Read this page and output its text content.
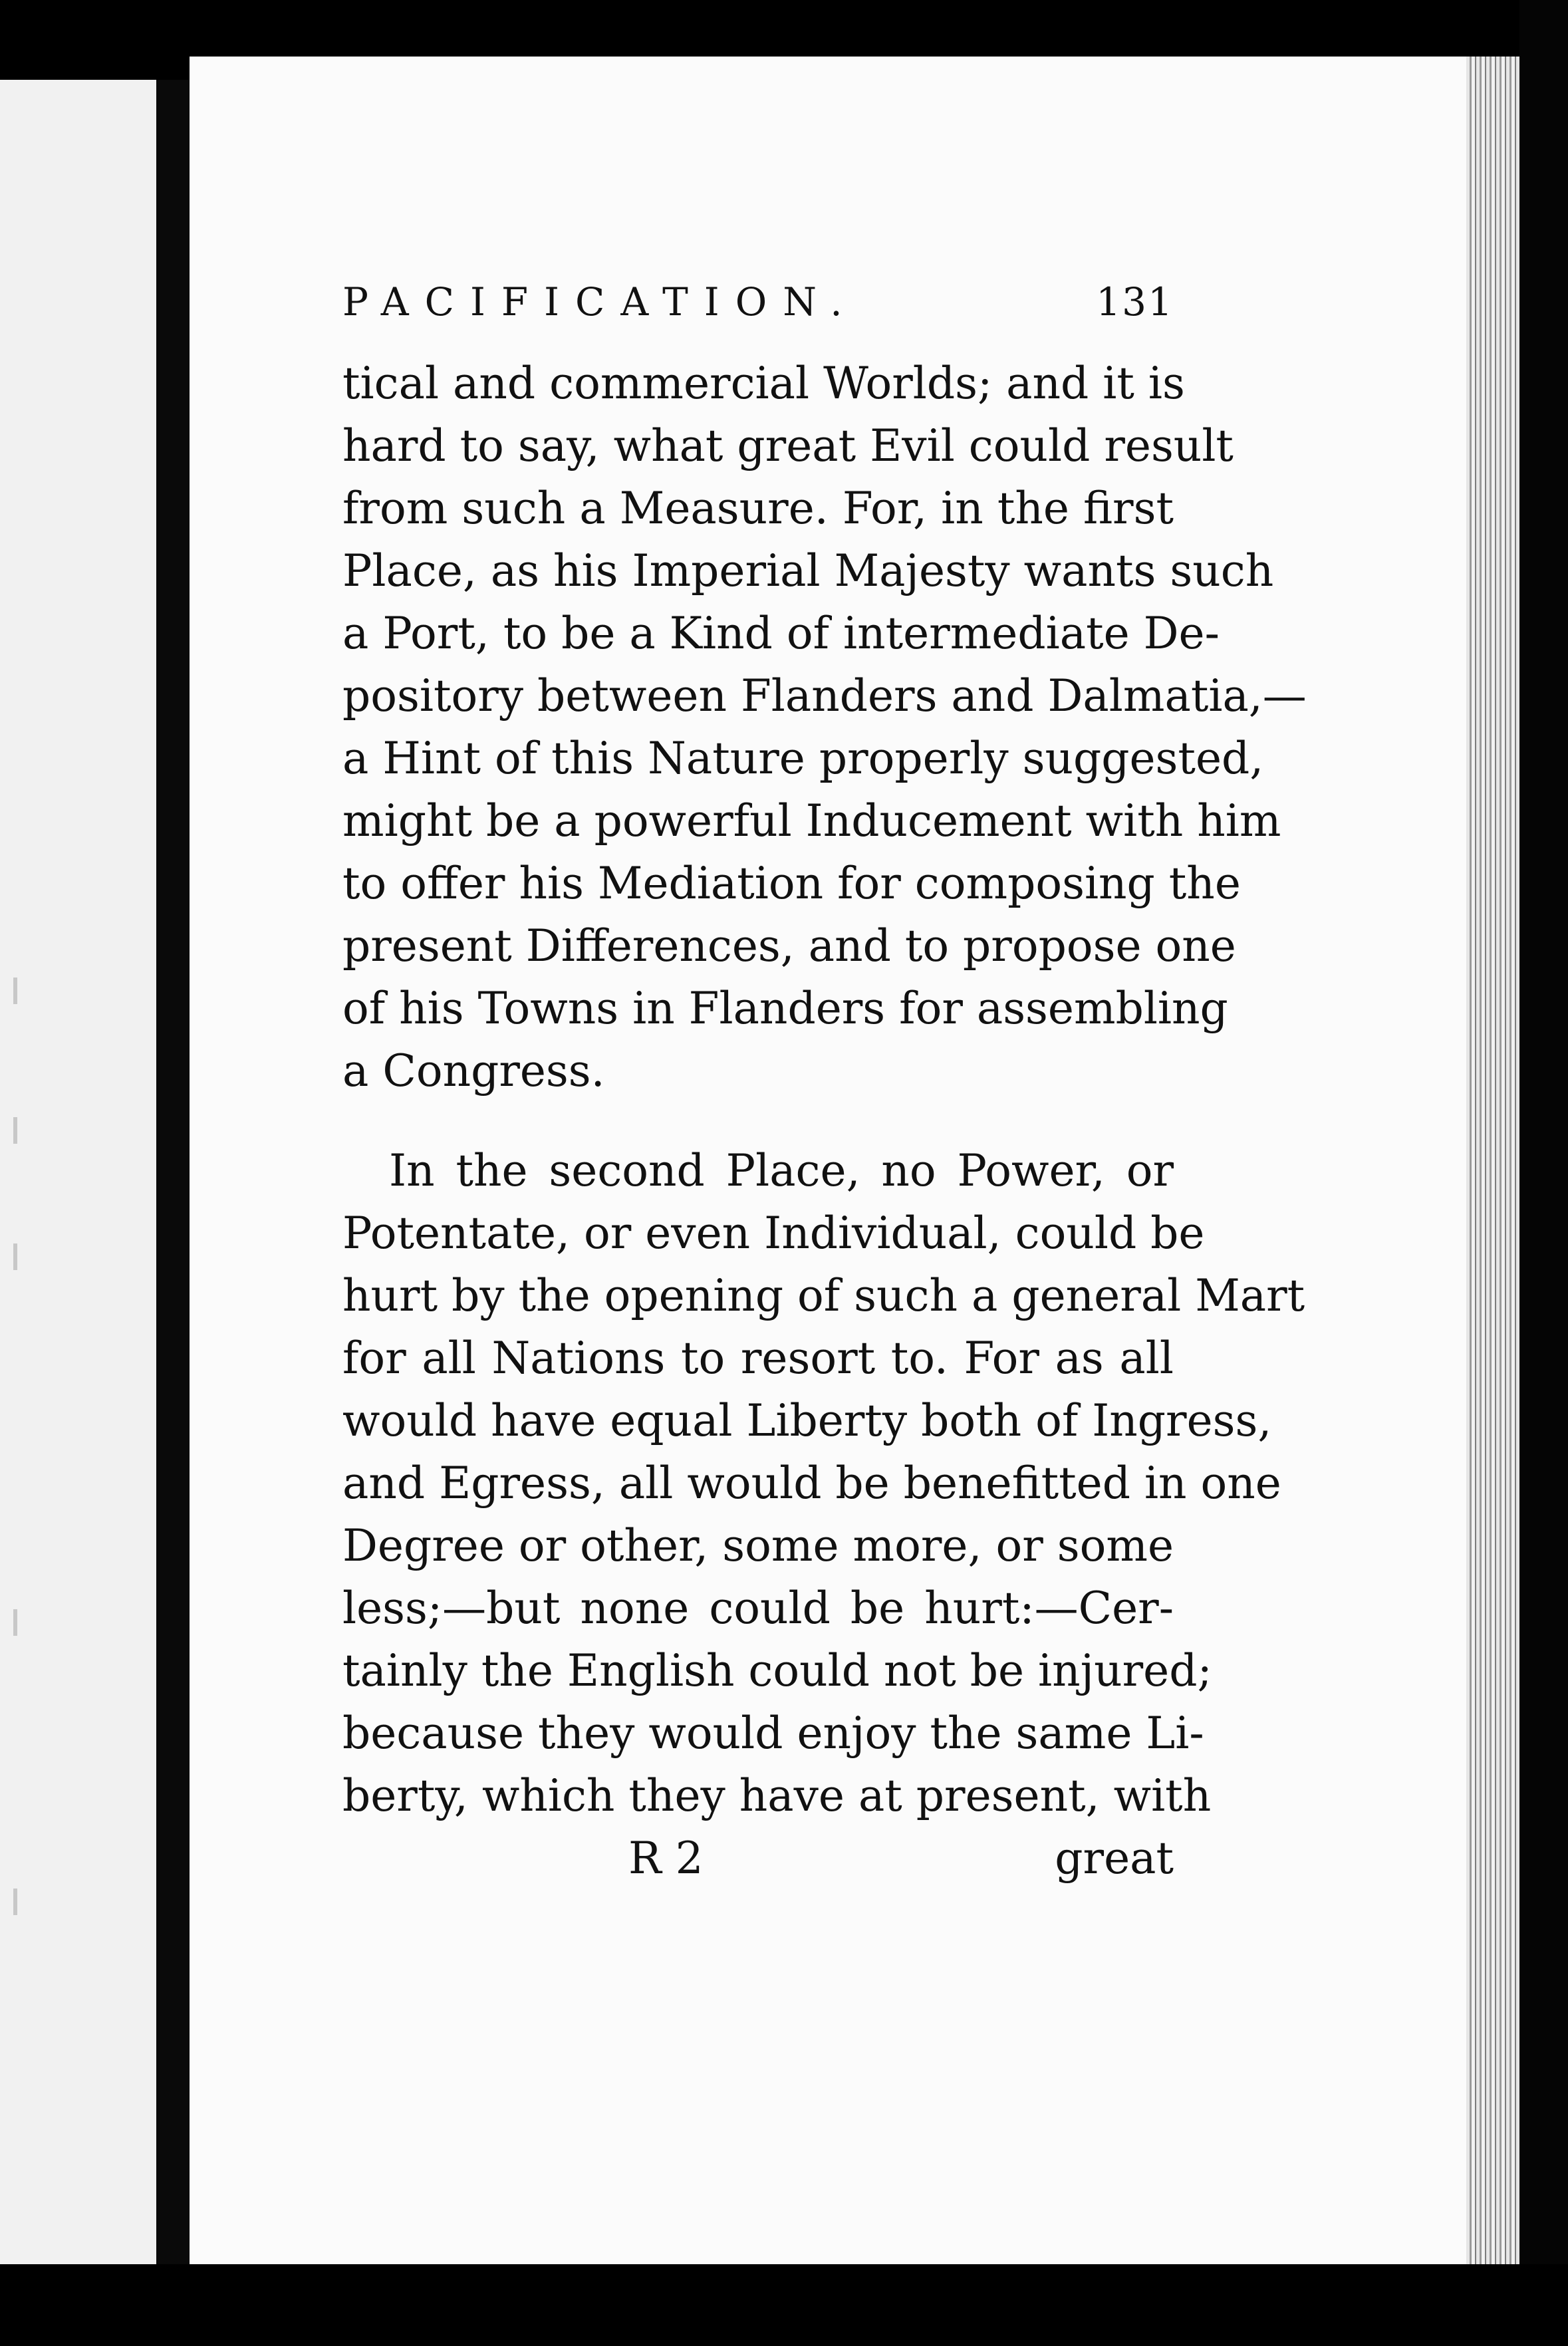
PACIFICATION.	131
tical and commercial Worlds; and it is
hard to say, what great Evil could result
from such a Measure. For, in the first
Place, as his Imperial Majesty wants such
a Port, to be a Kind of intermediate De-
pository between Flanders and Dalmatia,—
a Hint of this Nature properly suggested,
might be a powerful Inducement with him
to offer his Mediation for composing the
present Differences, and to propose one
of his Towns in Flanders for assembling
a Congress.
In the second Place, no Power, or
Potentate, or even Individual, could be
hurt by the opening of such a general Mart
for all Nations to resort to. For as all
would have equal Liberty both of Ingress,
and Egress, all would be benefitted in one
Degree or other, some more, or some
less;—but none could be hurt:—Cer-
tainly the English could not be injured;
because they would enjoy the same Li-
berty, which they have at present, with
R 2	great
